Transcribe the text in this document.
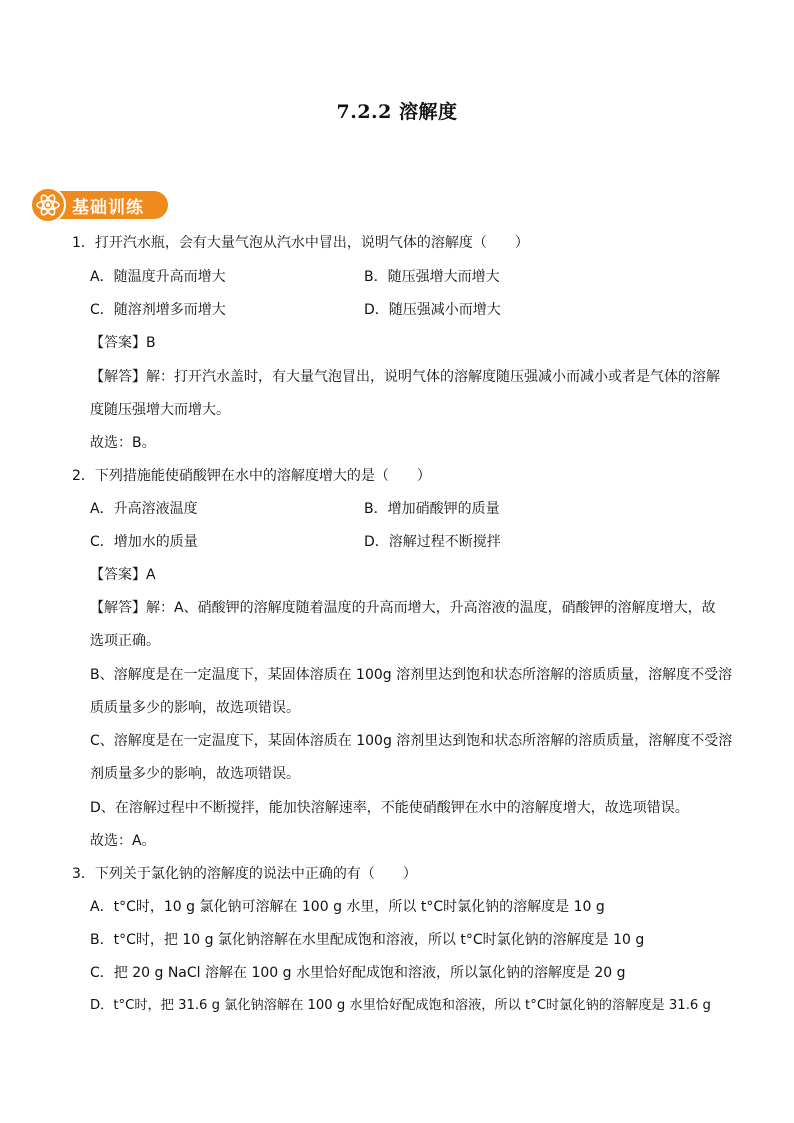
7.2.2 溶解度
基础训练
1．打开汽水瓶，会有大量气泡从汽水中冒出，说明气体的溶解度（　　）
A．随温度升高而增大	B．随压强增大而增大
C．随溶剂增多而增大	D．随压强减小而增大
【答案】B
【解答】解：打开汽水盖时，有大量气泡冒出，说明气体的溶解度随压强减小而减小或者是气体的溶解
度随压强增大而增大。
故选：B。
2．下列措施能使硝酸钾在水中的溶解度增大的是（　　）
A．升高溶液温度	B．增加硝酸钾的质量
C．增加水的质量	D．溶解过程不断搅拌
【答案】A
【解答】解：A、硝酸钾的溶解度随着温度的升高而增大，升高溶液的温度，硝酸钾的溶解度增大，故
选项正确。
B、溶解度是在一定温度下，某固体溶质在 100g 溶剂里达到饱和状态所溶解的溶质质量，溶解度不受溶
质质量多少的影响，故选项错误。
C、溶解度是在一定温度下，某固体溶质在 100g 溶剂里达到饱和状态所溶解的溶质质量，溶解度不受溶
剂质量多少的影响，故选项错误。
D、在溶解过程中不断搅拌，能加快溶解速率，不能使硝酸钾在水中的溶解度增大，故选项错误。
故选：A。
3．下列关于氯化钠的溶解度的说法中正确的有（　　）
A．t°C时，10 g 氯化钠可溶解在 100 g 水里，所以 t°C时氯化钠的溶解度是 10 g
B．t°C时，把 10 g 氯化钠溶解在水里配成饱和溶液，所以 t°C时氯化钠的溶解度是 10 g
C．把 20 g NaCl 溶解在 100 g 水里恰好配成饱和溶液，所以氯化钠的溶解度是 20 g
D．t°C时，把 31.6 g 氯化钠溶解在 100 g 水里恰好配成饱和溶液，所以 t°C时氯化钠的溶解度是 31.6 g
